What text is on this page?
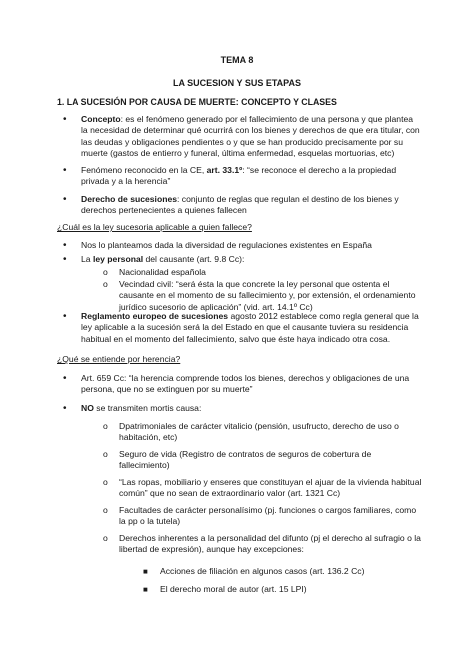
TEMA 8
LA SUCESION Y SUS ETAPAS
1. LA SUCESIÓN POR CAUSA DE MUERTE: CONCEPTO Y CLASES
• Concepto: es el fenómeno generado por el fallecimiento de una persona y que plantea la necesidad de determinar qué ocurrirá con los bienes y derechos de que era titular, con las deudas y obligaciones pendientes o y que se han producido precisamente por su muerte (gastos de entierro y funeral, última enfermedad, esquelas mortuorias, etc)
• Fenómeno reconocido en la CE, art. 33.1º: “se reconoce el derecho a la propiedad privada y a la herencia”
• Derecho de sucesiones: conjunto de reglas que regulan el destino de los bienes y derechos pertenecientes a quienes fallecen
¿Cuál es la ley sucesoria aplicable a quien fallece?
• Nos lo planteamos dada la diversidad de regulaciones existentes en España
• La ley personal del causante (art. 9.8 Cc):
o Nacionalidad española
o Vecindad civil: “será ésta la que concrete la ley personal que ostenta el causante en el momento de su fallecimiento y, por extensión, el ordenamiento jurídico sucesorio de aplicación” (vid. art. 14.1º Cc)
• Reglamento europeo de sucesiones agosto 2012 establece como regla general que la ley aplicable a la sucesión será la del Estado en que el causante tuviera su residencia habitual en el momento del fallecimiento, salvo que éste haya indicado otra cosa.
¿Qué se entiende por herencia?
• Art. 659 Cc: “la herencia comprende todos los bienes, derechos y obligaciones de una persona, que no se extinguen por su muerte”
• NO se transmiten mortis causa:
o Dpatrimoniales de carácter vitalicio (pensión, usufructo, derecho de uso o habitación, etc)
o Seguro de vida (Registro de contratos de seguros de cobertura de fallecimiento)
o “Las ropas, mobiliario y enseres que constituyan el ajuar de la vivienda habitual común” que no sean de extraordinario valor (art. 1321 Cc)
o Facultades de carácter personalísimo (pj. funciones o cargos familiares, como la pp o la tutela)
o Derechos inherentes a la personalidad del difunto (pj el derecho al sufragio o la libertad de expresión), aunque hay excepciones:
■ Acciones de filiación en algunos casos (art. 136.2 Cc)
■ El derecho moral de autor (art. 15 LPI)
